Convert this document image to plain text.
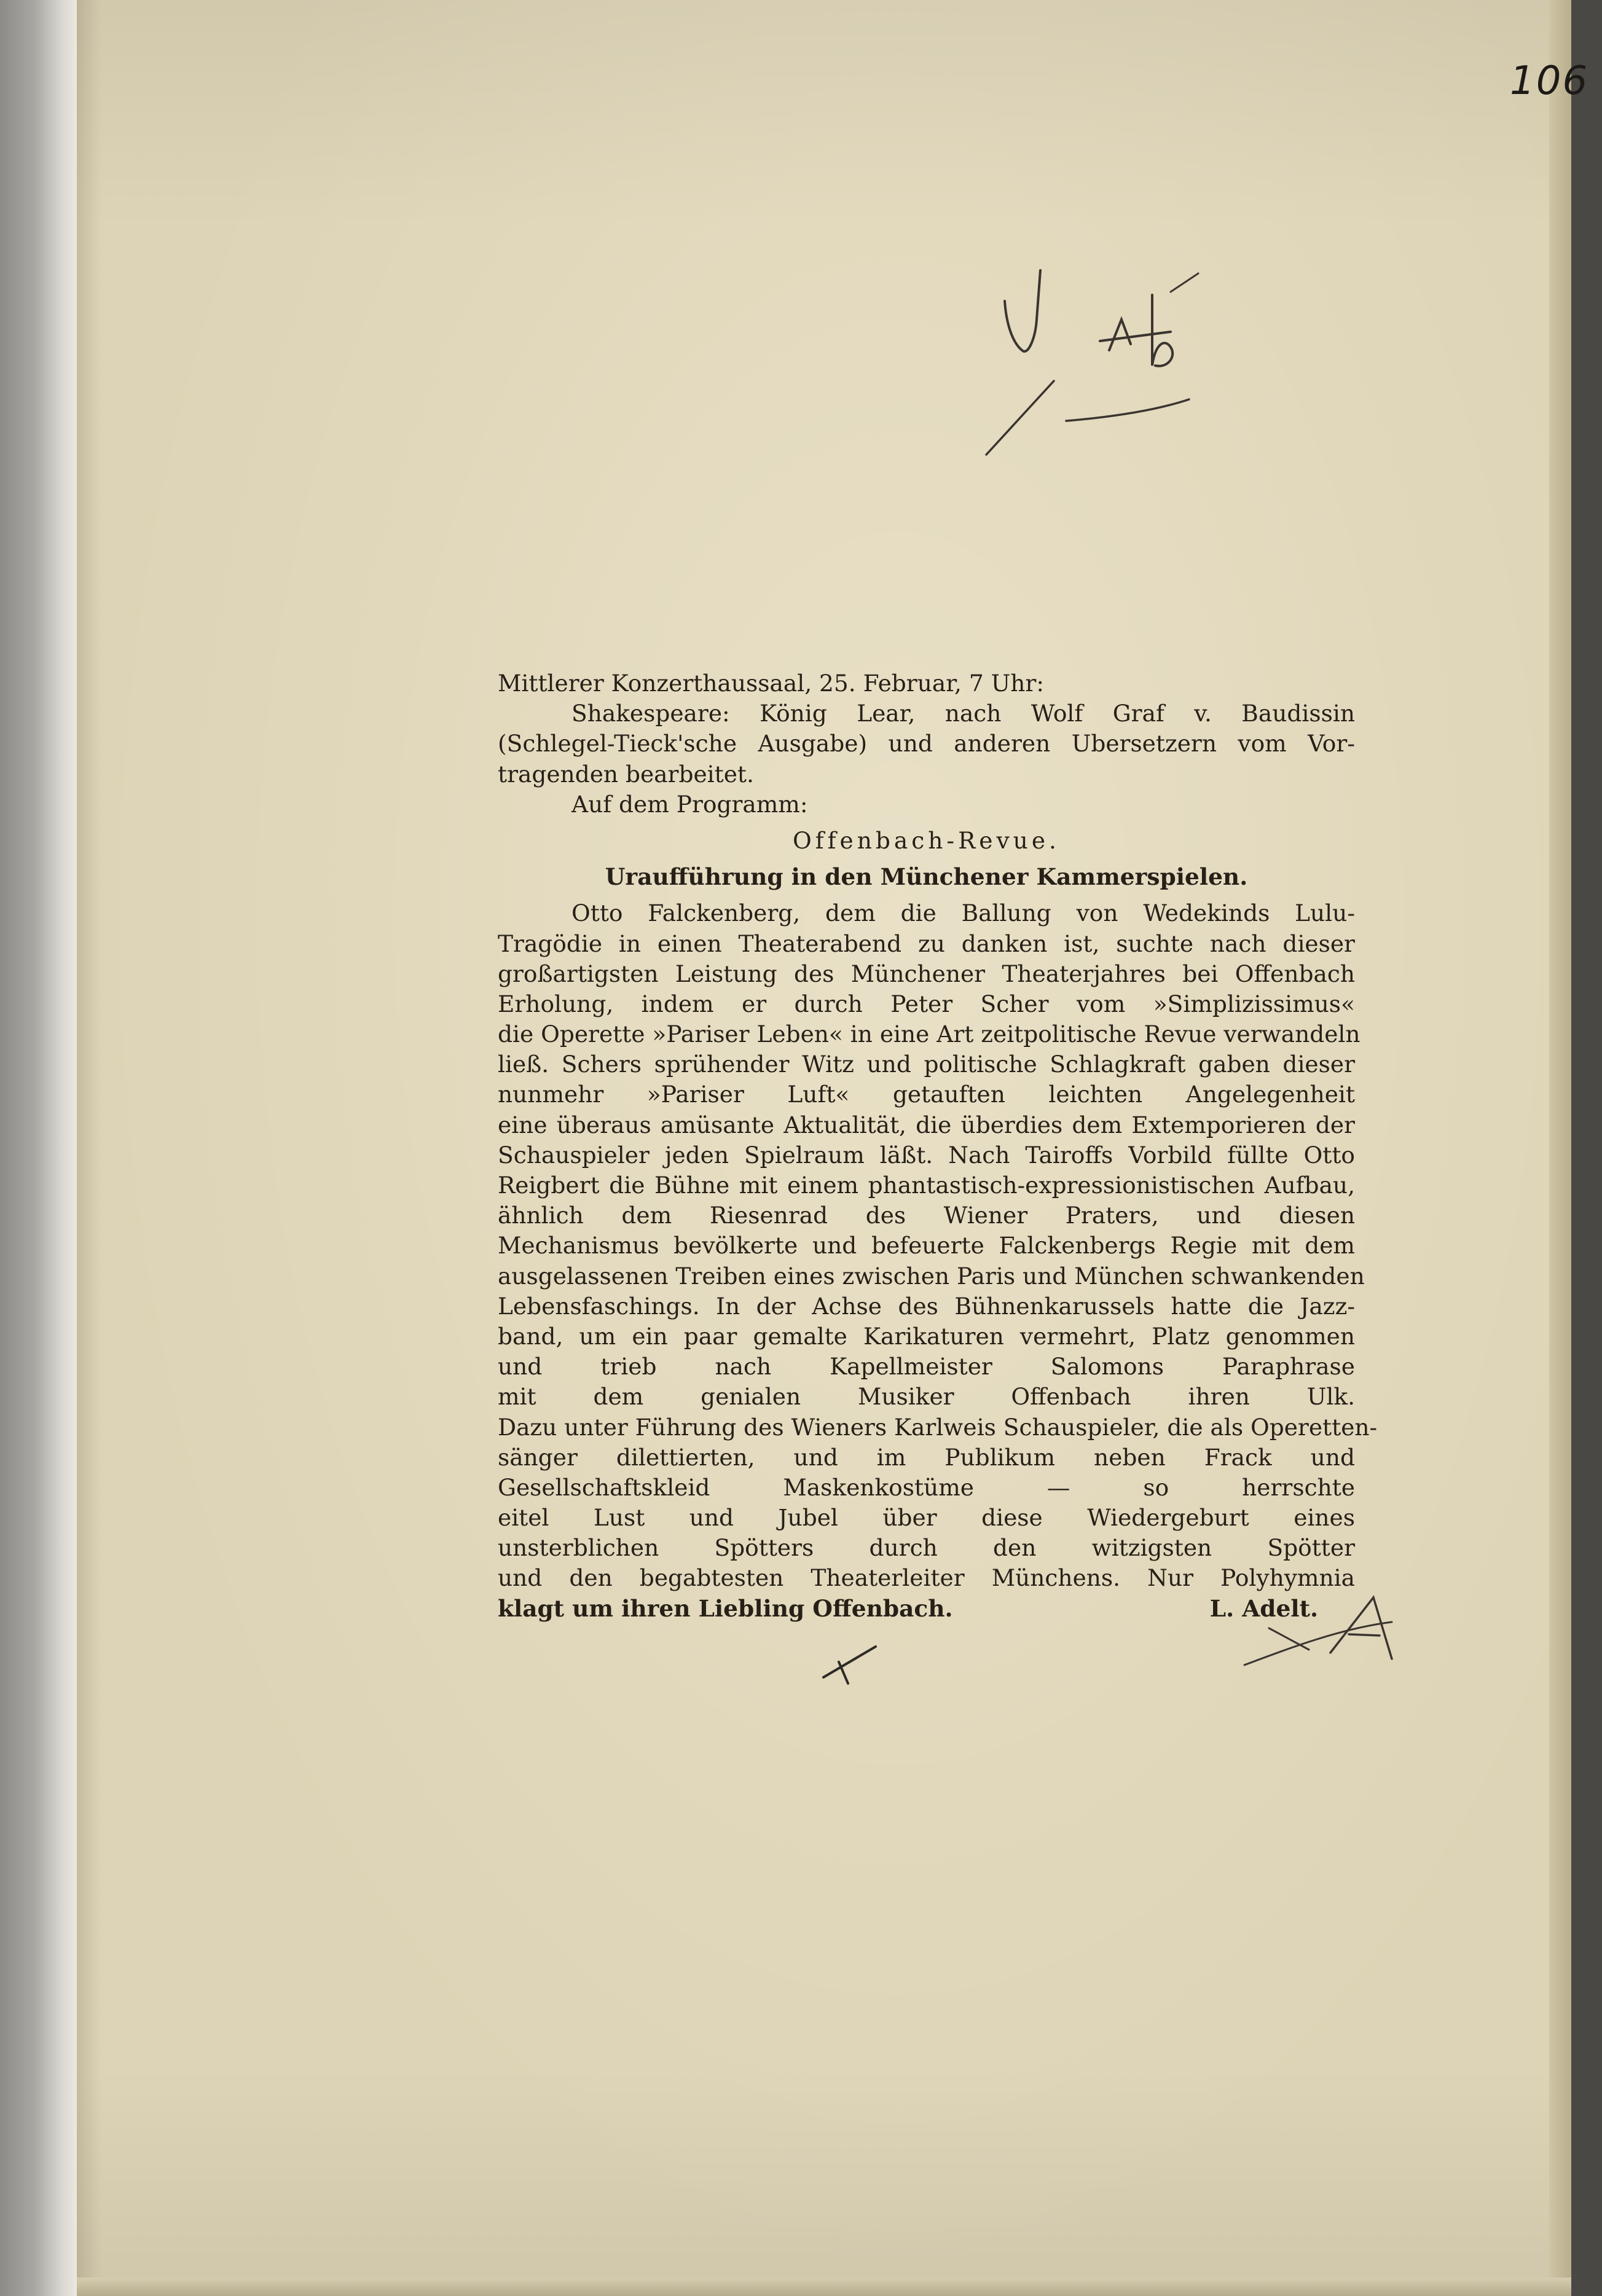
106
Mittlerer Konzerthaussaal, 25. Februar, 7 Uhr:
Shakespeare: König Lear, nach Wolf Graf v. Baudissin
(Schlegel-Tieck'sche Ausgabe) und anderen Ubersetzern vom Vor-
tragenden bearbeitet.
Auf dem Programm:
Offenbach-Revue.
Uraufführung in den Münchener Kammerspielen.
Otto Falckenberg, dem die Ballung von Wedekinds Lulu-
Tragödie in einen Theaterabend zu danken ist, suchte nach dieser
großartigsten Leistung des Münchener Theaterjahres bei Offenbach
Erholung, indem er durch Peter Scher vom »Simplizissimus«
die Operette »Pariser Leben« in eine Art zeitpolitische Revue verwandeln
ließ. Schers sprühender Witz und politische Schlagkraft gaben dieser
nunmehr »Pariser Luft« getauften leichten Angelegenheit
eine überaus amüsante Aktualität, die überdies dem Extemporieren der
Schauspieler jeden Spielraum läßt. Nach Tairoffs Vorbild füllte Otto
Reigbert die Bühne mit einem phantastisch-expressionistischen Aufbau,
ähnlich dem Riesenrad des Wiener Praters, und diesen
Mechanismus bevölkerte und befeuerte Falckenbergs Regie mit dem
ausgelassenen Treiben eines zwischen Paris und München schwankenden
Lebensfaschings. In der Achse des Bühnenkarussels hatte die Jazz-
band, um ein paar gemalte Karikaturen vermehrt, Platz genommen
und trieb nach Kapellmeister Salomons Paraphrase
mit dem genialen Musiker Offenbach ihren Ulk.
Dazu unter Führung des Wieners Karlweis Schauspieler, die als Operetten-
sänger dilettierten, und im Publikum neben Frack und
Gesellschaftskleid Maskenkostüme — so herrschte
eitel Lust und Jubel über diese Wiedergeburt eines
unsterblichen Spötters durch den witzigsten Spötter
und den begabtesten Theaterleiter Münchens. Nur Polyhymnia
klagt um ihren Liebling Offenbach.	L. Adelt.
